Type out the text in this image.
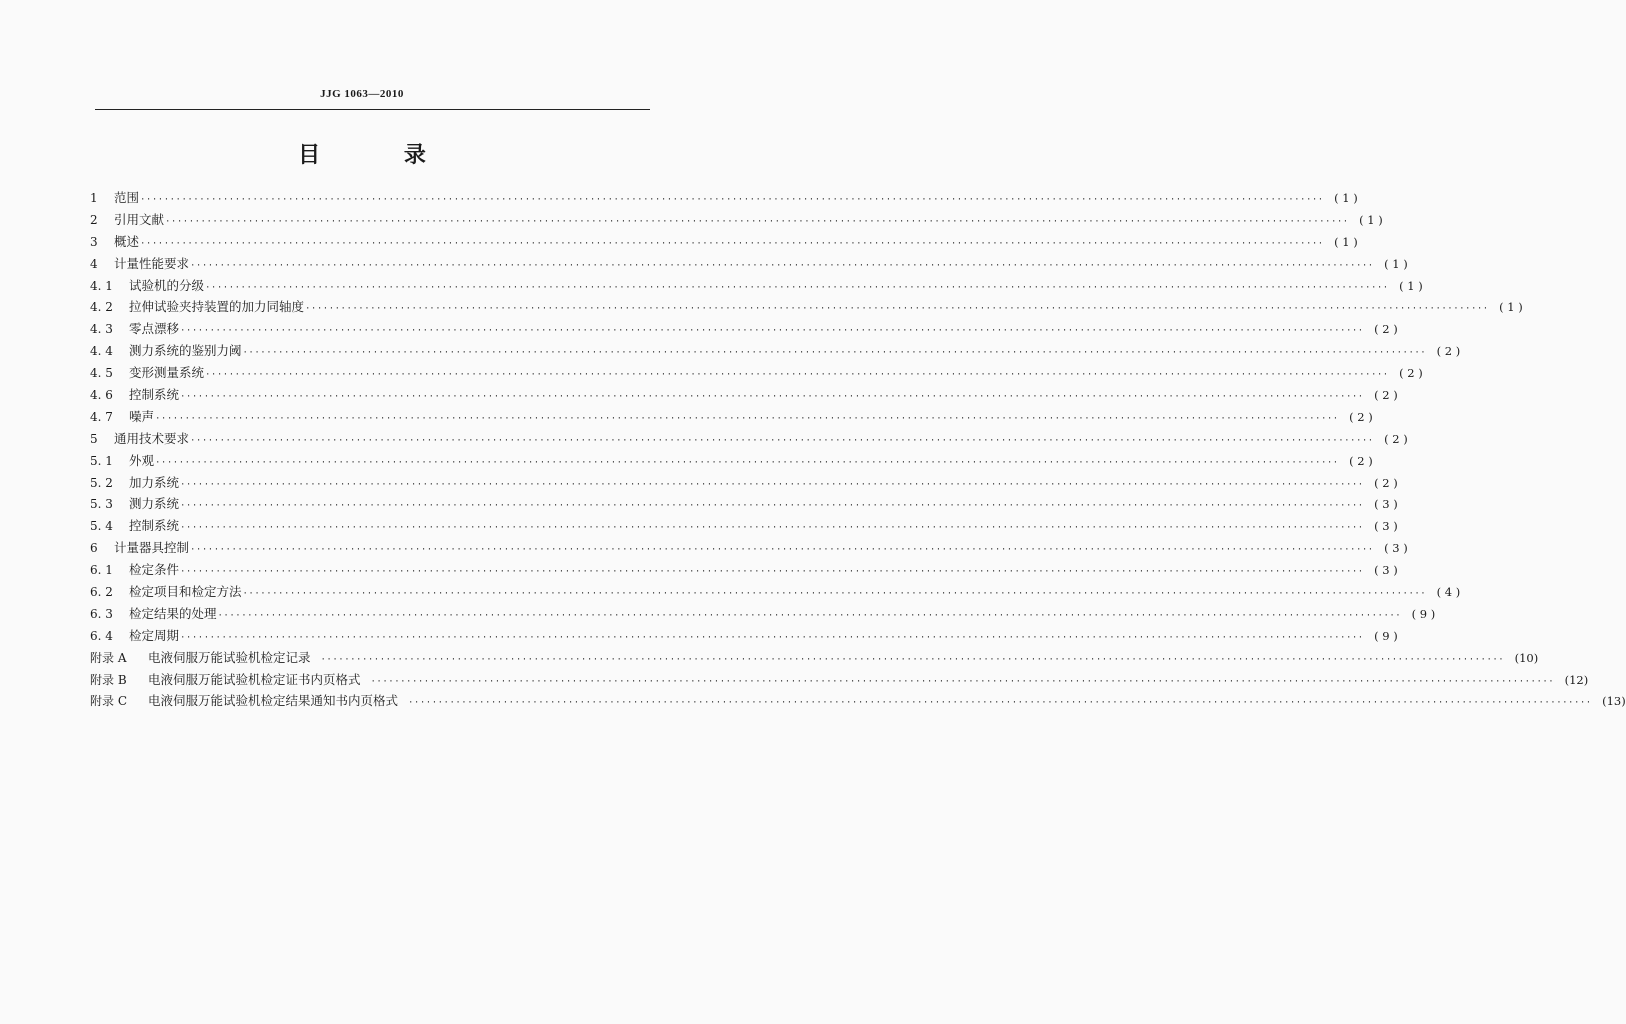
JJG 1063—2010
目 录
1	范围 ········································································································································································································ ( 1 )
2	引用文献 ········································································································································································································ ( 1 )
3	概述 ········································································································································································································ ( 1 )
4	计量性能要求 ········································································································································································································ ( 1 )
4. 1	试验机的分级 ········································································································································································································ ( 1 )
4. 2	拉伸试验夹持装置的加力同轴度 ········································································································································································································ ( 1 )
4. 3	零点漂移 ········································································································································································································ ( 2 )
4. 4	测力系统的鉴别力阈 ········································································································································································································ ( 2 )
4. 5	变形测量系统 ········································································································································································································ ( 2 )
4. 6	控制系统 ········································································································································································································ ( 2 )
4. 7	噪声 ········································································································································································································ ( 2 )
5	通用技术要求 ········································································································································································································ ( 2 )
5. 1	外观 ········································································································································································································ ( 2 )
5. 2	加力系统 ········································································································································································································ ( 2 )
5. 3	测力系统 ········································································································································································································ ( 3 )
5. 4	控制系统 ········································································································································································································ ( 3 )
6	计量器具控制 ········································································································································································································ ( 3 )
6. 1	检定条件 ········································································································································································································ ( 3 )
6. 2	检定项目和检定方法 ········································································································································································································ ( 4 )
6. 3	检定结果的处理 ········································································································································································································ ( 9 )
6. 4	检定周期 ········································································································································································································ ( 9 )
附录 A	电液伺服万能试验机检定记录 ········································································································································································································ (10)
附录 B	电液伺服万能试验机检定证书内页格式 ········································································································································································································ (12)
附录 C	电液伺服万能试验机检定结果通知书内页格式 ········································································································································································································ (13)
